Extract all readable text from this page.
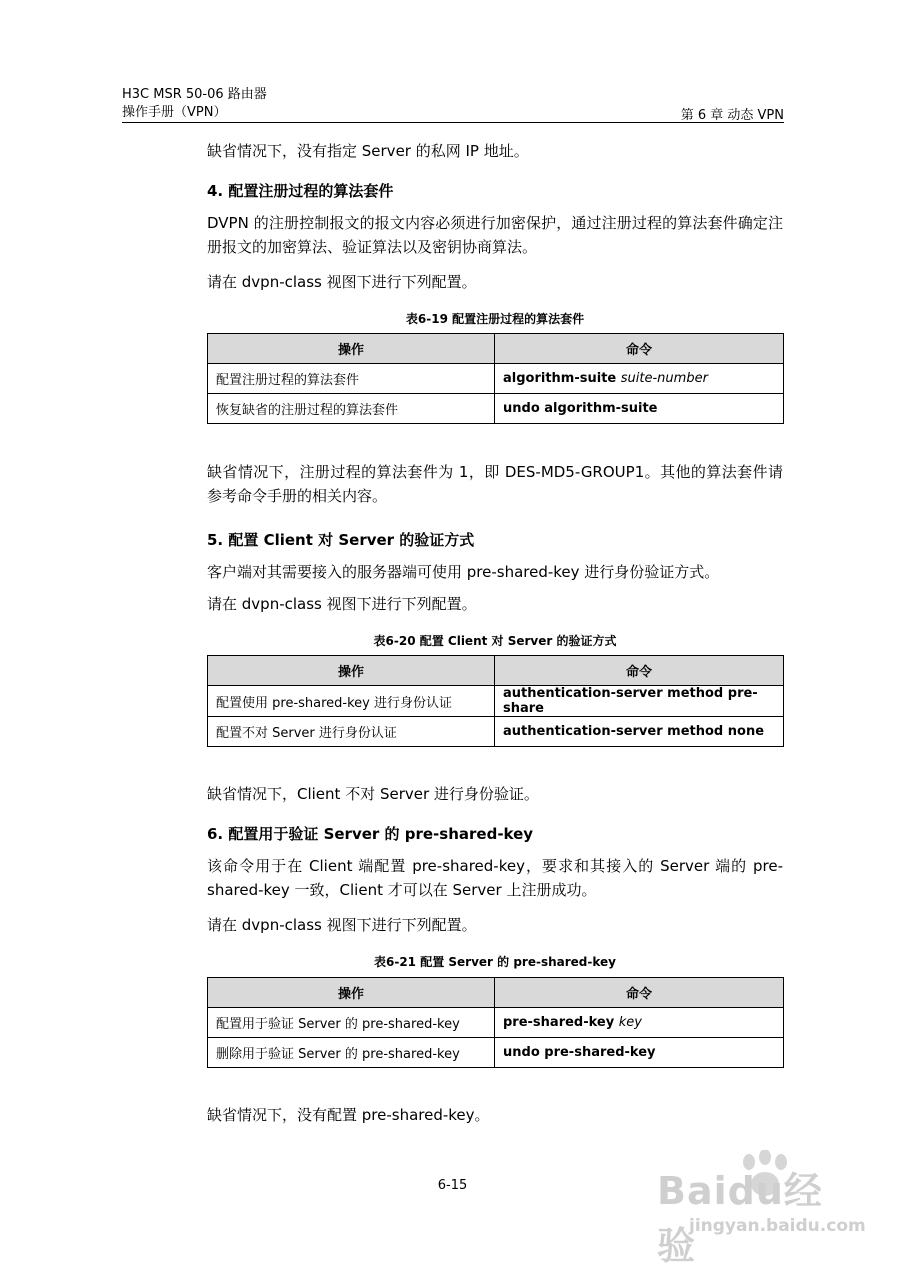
H3C MSR 50-06 路由器
操作手册（VPN）	第 6 章 动态 VPN
缺省情况下，没有指定 Server 的私网 IP 地址。
4. 配置注册过程的算法套件
DVPN 的注册控制报文的报文内容必须进行加密保护，通过注册过程的算法套件确定注册报文的加密算法、验证算法以及密钥协商算法。
请在 dvpn-class 视图下进行下列配置。
表6-19 配置注册过程的算法套件
操作	命令
配置注册过程的算法套件	algorithm-suite suite-number
恢复缺省的注册过程的算法套件	undo algorithm-suite
缺省情况下，注册过程的算法套件为 1，即 DES-MD5-GROUP1。其他的算法套件请参考命令手册的相关内容。
5. 配置 Client 对 Server 的验证方式
客户端对其需要接入的服务器端可使用 pre-shared-key 进行身份验证方式。
请在 dvpn-class 视图下进行下列配置。
表6-20 配置 Client 对 Server 的验证方式
操作	命令
配置使用 pre-shared-key 进行身份认证	authentication-server method pre-share
配置不对 Server 进行身份认证	authentication-server method none
缺省情况下，Client 不对 Server 进行身份验证。
6. 配置用于验证 Server 的 pre-shared-key
该命令用于在 Client 端配置 pre-shared-key，要求和其接入的 Server 端的 pre-shared-key 一致，Client 才可以在 Server 上注册成功。
请在 dvpn-class 视图下进行下列配置。
表6-21 配置 Server 的 pre-shared-key
操作	命令
配置用于验证 Server 的 pre-shared-key	pre-shared-key key
删除用于验证 Server 的 pre-shared-key	undo pre-shared-key
缺省情况下，没有配置 pre-shared-key。
6-15	Baidu经验
jingyan.baidu.com
